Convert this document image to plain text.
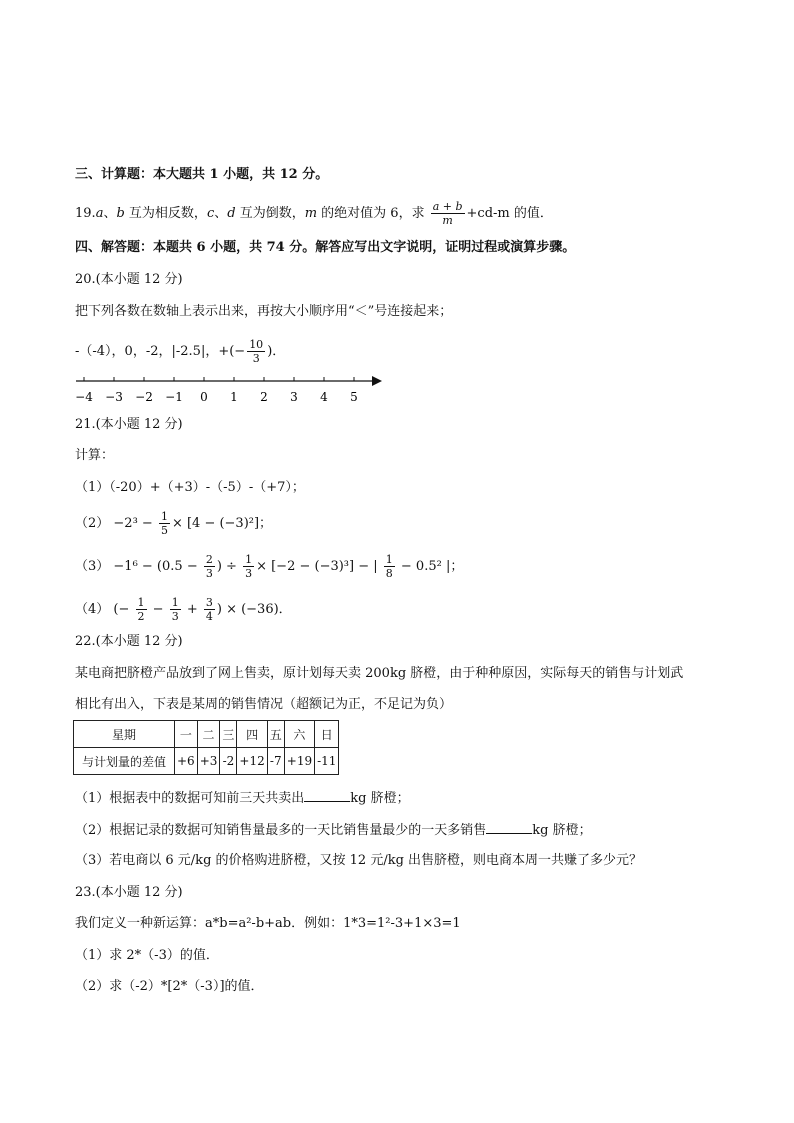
三、计算题：本大题共 1 小题，共 12 分。
19.a、b 互为相反数，c、d 互为倒数，m 的绝对值为 6，求 $\frac{a + b}{m} +cd-m$ 的值．
四、解答题：本题共 6 小题，共 74 分。解答应写出文字说明，证明过程或演算步骤。
20.(本小题 12 分)
把下列各数在数轴上表示出来，再按大小顺序用“＜”号连接起来；
-（-4），0，-2，|-2.5|，+(− $\frac{10}{3}$ )．
−4 −3 −2 −1 0 1 2 3 4 5
21.(本小题 12 分)
计算：
（1）（-20）+（+3）-（-5）-（+7）；
$(2) -2^3 - \frac{1}{5} \times [4 - (-3)^2]$；
$(3) -1^6 - (0.5 - \frac{2}{3}$ ) ÷ $\frac{1}{3} \times [-2 - (-3)^3]$ − | $\frac{1}{8} - 0.5^2$ |；
（4） (− $\frac{1}{2} - \frac{1}{3} + \frac{3}{4}$ ) × (−36)．
22.(本小题 12 分)
某电商把脐橙产品放到了网上售卖，原计划每天卖 200kg 脐橙，由于种种原因，实际每天的销售与计划武
相比有出入，下表是某周的销售情况（超额记为正，不足记为负）
星期	一	二	三	四	五	六	日
与计划量的差值	+6	+3	-2	+12	-7	+19	-11
（1）根据表中的数据可知前三天共卖出	kg 脐橙；
（2）根据记录的数据可知销售量最多的一天比销售量最少的一天多销售	kg 脐橙；
（3）若电商以 6 元/kg 的价格购进脐橙，又按 12 元/kg 出售脐橙，则电商本周一共赚了多少元？
23.(本小题 12 分)
我们定义一种新运算：a*b=a²-b+ab．例如：1*3=1²-3+1×3=1
（1）求 2*（-3）的值．
（2）求（-2）*[2*（-3）]的值．
